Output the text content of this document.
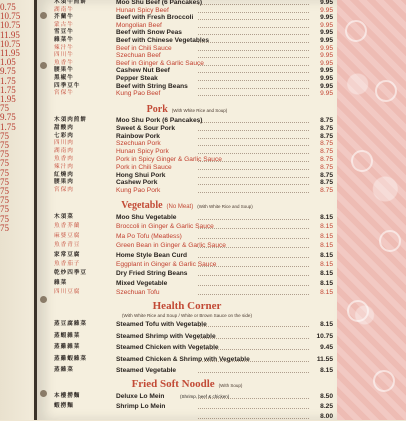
0.75
10.75
10.75
11.95
10.75
11.95
1.05
9.75
1.75
1.75
1.95
75
9.75
1.75
75
75
75
75
75
75
75
75
75
75
75
木須牛煎餅	Moo Shu Beef (6 Pancakes)	9.95
湖南牛	Hunan Spicy Beef	9.95
芥蘭牛	Beef with Fresh Broccoli	9.95
蒙古牛	Mongolian Beef	9.95
雪豆牛	Beef with Snow Peas	9.95
雜菜牛	Beef with Chinese Vegetables	9.95
辣汁牛	Beef in Chili Sauce	9.95
四川牛	Szechuan Beef	9.95
魚香牛	Beef in Ginger & Garlic Sauce	9.95
腰果牛	Cashew Nut Beef	9.95
黑椒牛	Pepper Steak	9.95
四季豆牛	Beef with String Beans	9.95
宮保牛	Kung Pao Beef	9.95
Pork (With White Rice and Soup)
木須肉煎餅	Moo Shu Pork (6 Pancakes)	8.75
甜酸肉	Sweet & Sour Pork	8.75
七彩肉	Rainbow Pork	8.75
四川肉	Szechuan Pork	8.75
湖南肉	Hunan Spicy Pork	8.75
魚香肉	Pork in Spicy Ginger & Garlic Sauce	8.75
辣汁肉	Pork in Chili Sauce	8.75
紅燒肉	Hong Shui Pork	8.75
腰果肉	Cashew Pork	8.75
宮保肉	Kung Pao Pork	8.75
Vegetable (No Meat) (With White Rice and Soup)
木須菜	Moo Shu Vegetable	8.15
魚香芥蘭	Broccoli in Ginger & Garlic Sauce	8.15
麻婆豆腐	Ma Po Tofu (Meatless)	8.15
魚香青豆	Green Bean in Ginger & Garlic Sauce	8.15
家常豆腐	Home Style Bean Curd	8.15
魚香茄子	Eggplant in Ginger & Garlic Sauce	8.15
乾炒四季豆	Dry Fried String Beans	8.15
雜菜	Mixed Vegetable	8.15
四川豆腐	Szechuan Tofu	8.15
Health Corner
(With White Rice and Soup / White or Brown Sauce on the side)
蒸豆腐雜菜	Steamed Tofu with Vegetable	8.15
蒸蝦雜菜	Steamed Shrimp with Vegetable	10.75
蒸雞雜菜	Steamed Chicken with Vegetable	9.45
蒸雞蝦雜菜	Steamed Chicken & Shrimp with Vegetable	11.55
蒸雜菜	Steamed Vegetable	8.15
Fried Soft Noodle (With Soup)
本樓撈麵	Deluxe Lo Mein	(Shrimp, beef & chicken)	8.50
蝦撈麵	Shrimp Lo Mein	8.25
8.00
